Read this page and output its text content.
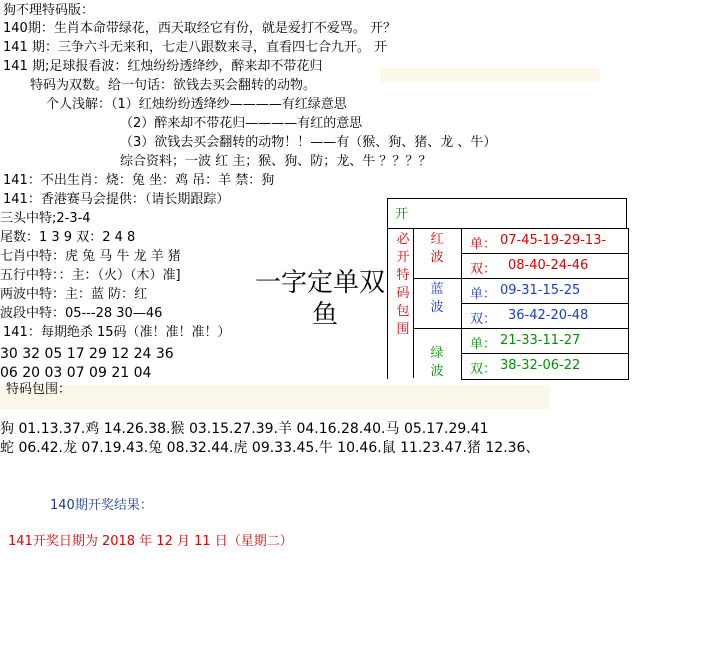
狗不理特码版：
140期：生肖本命带绿花，西天取经它有份，就是爱打不爱骂。 开？
141 期：三争六斗无来和，七走八跟数来寻，直看四七合九开。 开
141 期;足球报看波：红烛纷纷透绛纱，醉来却不带花归
特码为双数。给一句话：欲钱去买会翻转的动物。
个人浅解：（1）红烛纷纷透绛纱————有红绿意思
（2）醉来却不带花归————有红的意思
（3）欲钱去买会翻转的动物！！——有（猴、狗、猪、龙 、牛）
综合资料；一波 红 主；猴、狗、防；龙、牛 ？？？？
141：不出生肖：烧：兔 坐：鸡 吊：羊 禁：狗
141：香港赛马会提供：（请长期跟踪）
三头中特;2-3-4
尾数：1 3 9 双：2 4 8
七肖中特：虎 兔 马 牛 龙 羊 猪
五行中特：：主：（火）（木）准]
两波中特：主：蓝 防：红
波段中特：05---28 30—46
一字定单双
鱼
141：每期绝杀 15码（准！准！准！）
30 32 05 17 29 12 24 36
06 20 03 07 09 21 04
特码包围：
狗 01.13.37.鸡 14.26.38.猴 03.15.27.39.羊 04.16.28.40.马 05.17.29.41
蛇 06.42.龙 07.19.43.兔 08.32.44.虎 09.33.45.牛 10.46.鼠 11.23.47.猪 12.36、
140期开奖结果：
141开奖日期为 2018 年 12 月 11 日（星期二）
开
必
开
特
码
包
围
红
波
蓝
波
绿
波
单： 07-45-19-29-13-
双： 08-40-24-46
单： 09-31-15-25
双： 36-42-20-48
单： 21-33-11-27
双： 38-32-06-22
